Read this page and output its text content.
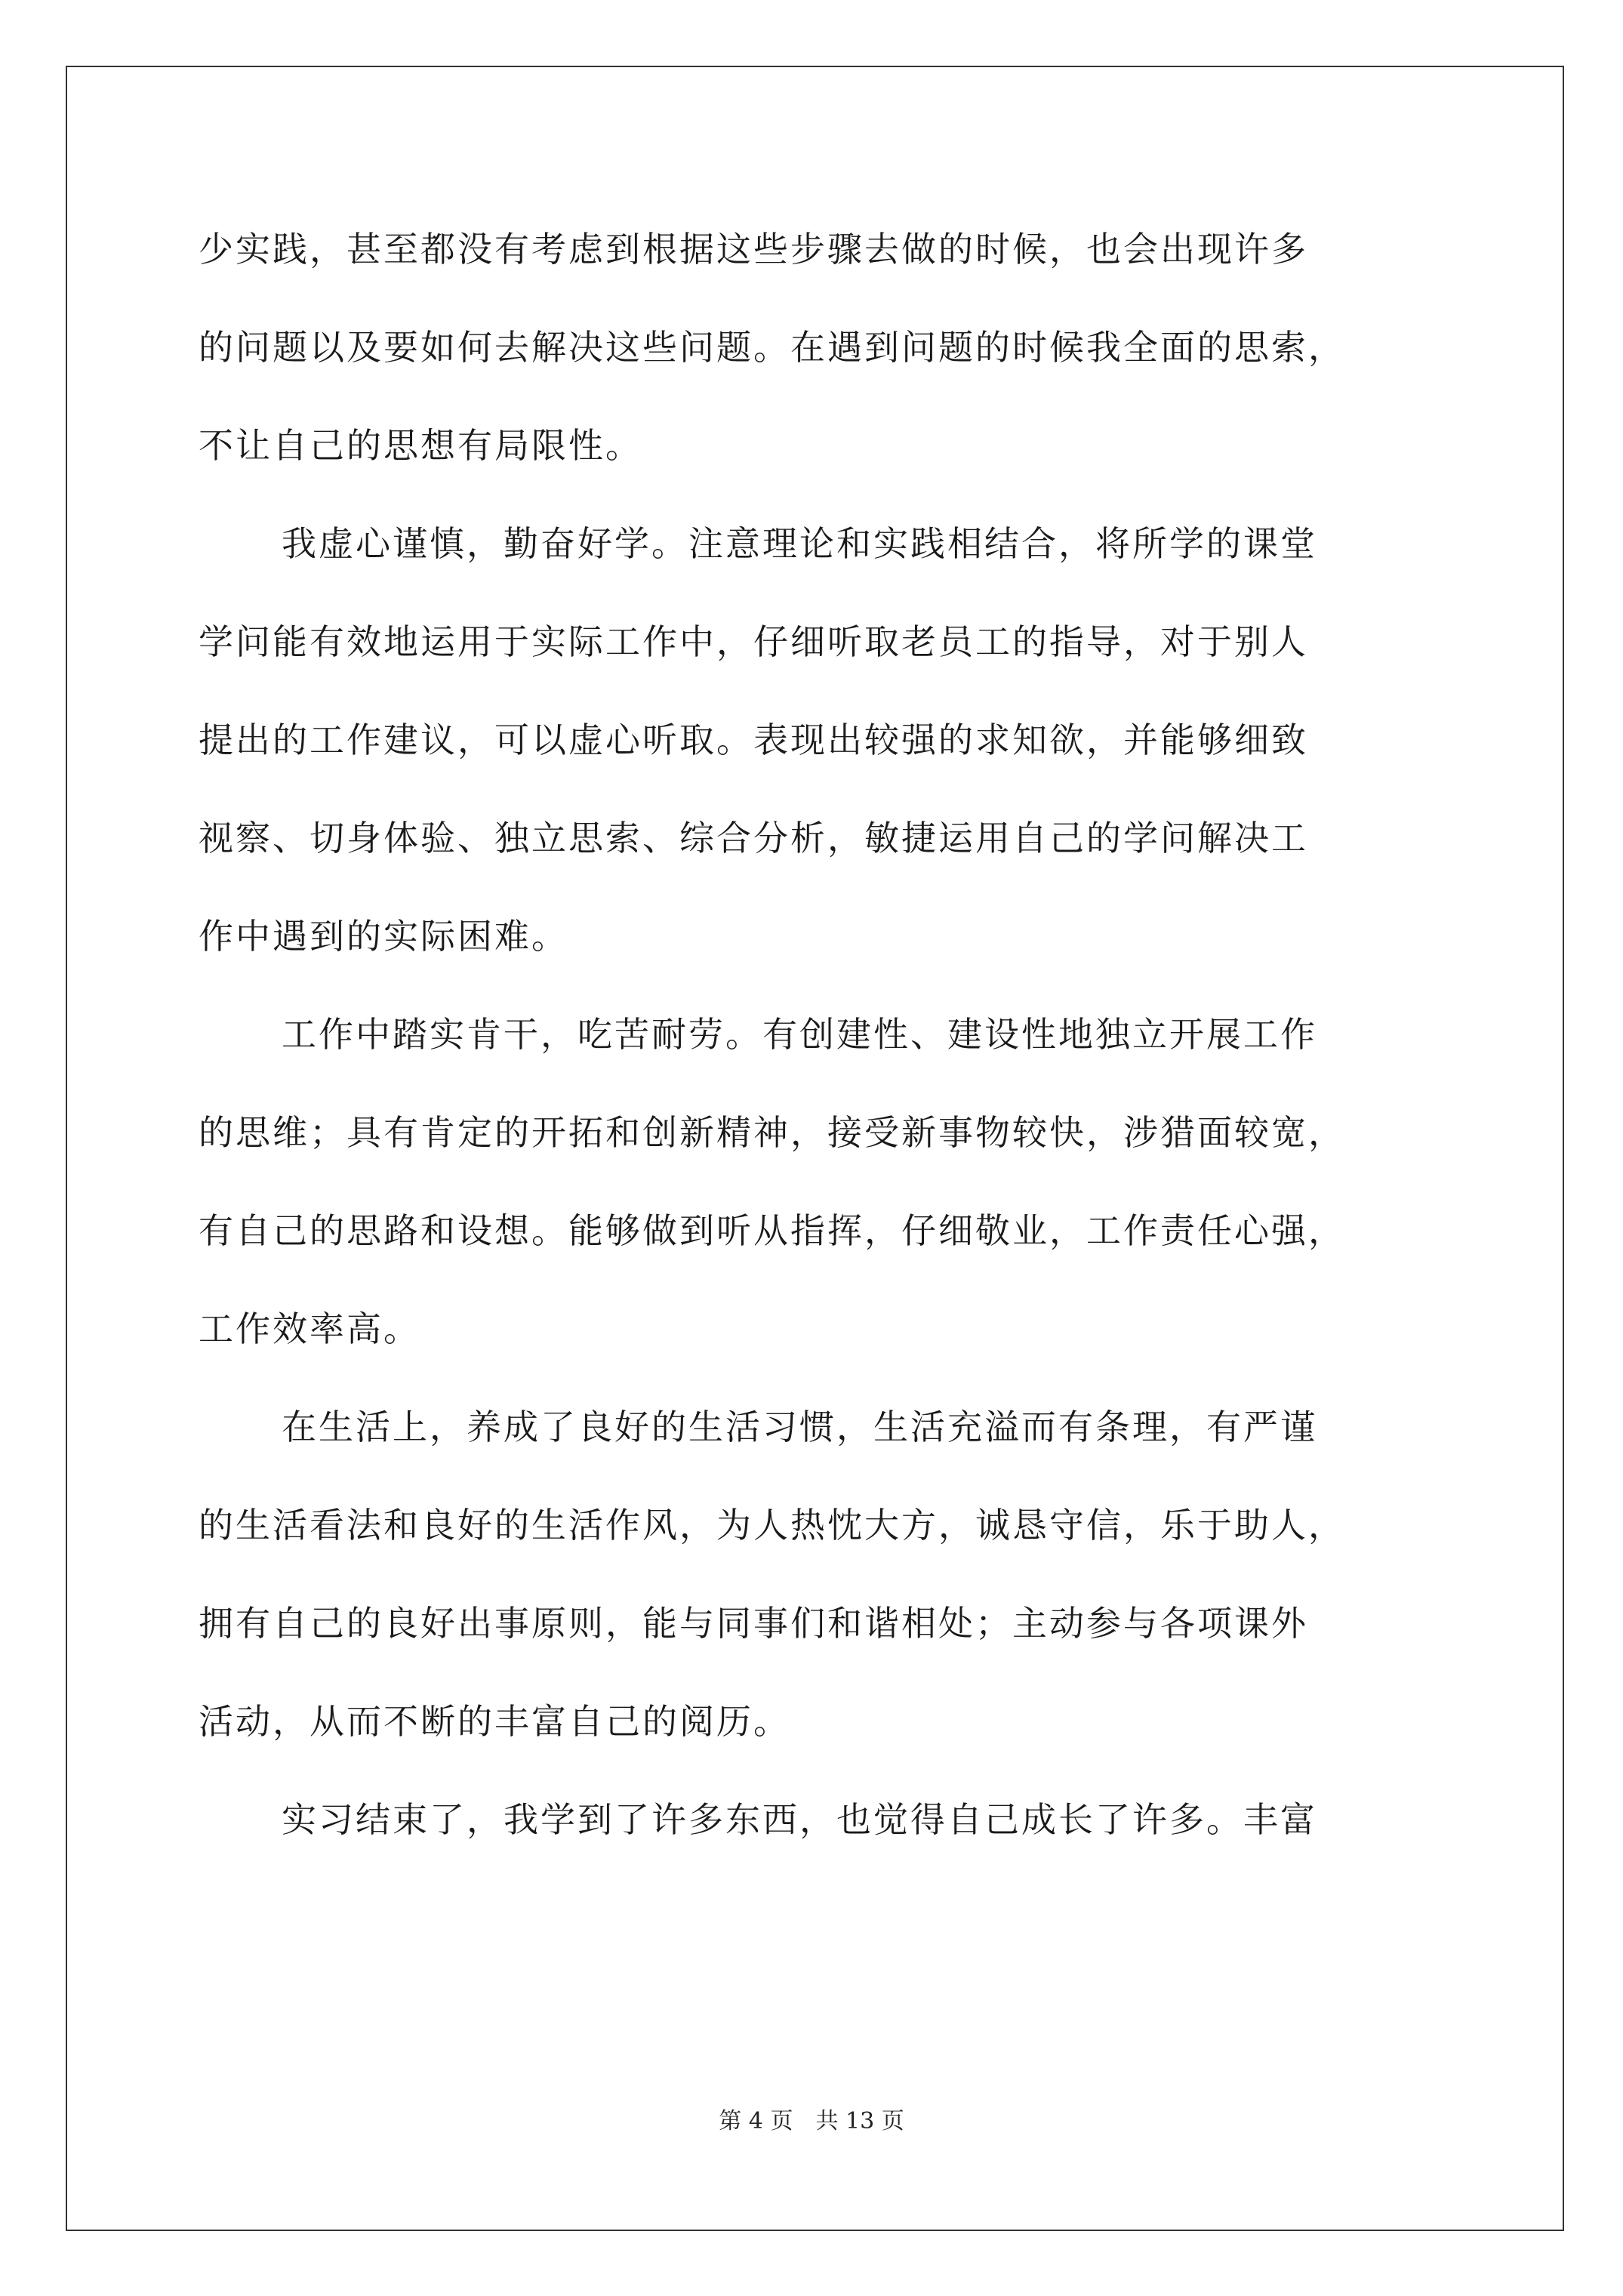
少实践，甚至都没有考虑到根据这些步骤去做的时候，也会出现许多
的问题以及要如何去解决这些问题。在遇到问题的时候我全面的思索，
不让自己的思想有局限性。
我虚心谨慎，勤奋好学。注意理论和实践相结合，将所学的课堂
学问能有效地运用于实际工作中，仔细听取老员工的指导，对于别人
提出的工作建议，可以虚心听取。表现出较强的求知欲，并能够细致
视察、切身体验、独立思索、综合分析，敏捷运用自己的学问解决工
作中遇到的实际困难。
工作中踏实肯干，吃苦耐劳。有创建性、建设性地独立开展工作
的思维；具有肯定的开拓和创新精神，接受新事物较快，涉猎面较宽，
有自己的思路和设想。能够做到听从指挥，仔细敬业，工作责任心强，
工作效率高。
在生活上，养成了良好的生活习惯，生活充溢而有条理，有严谨
的生活看法和良好的生活作风，为人热忱大方，诚恳守信，乐于助人，
拥有自己的良好出事原则，能与同事们和谐相处；主动参与各项课外
活动，从而不断的丰富自己的阅历。
实习结束了，我学到了许多东西，也觉得自己成长了许多。丰富
第 4 页　共 13 页
